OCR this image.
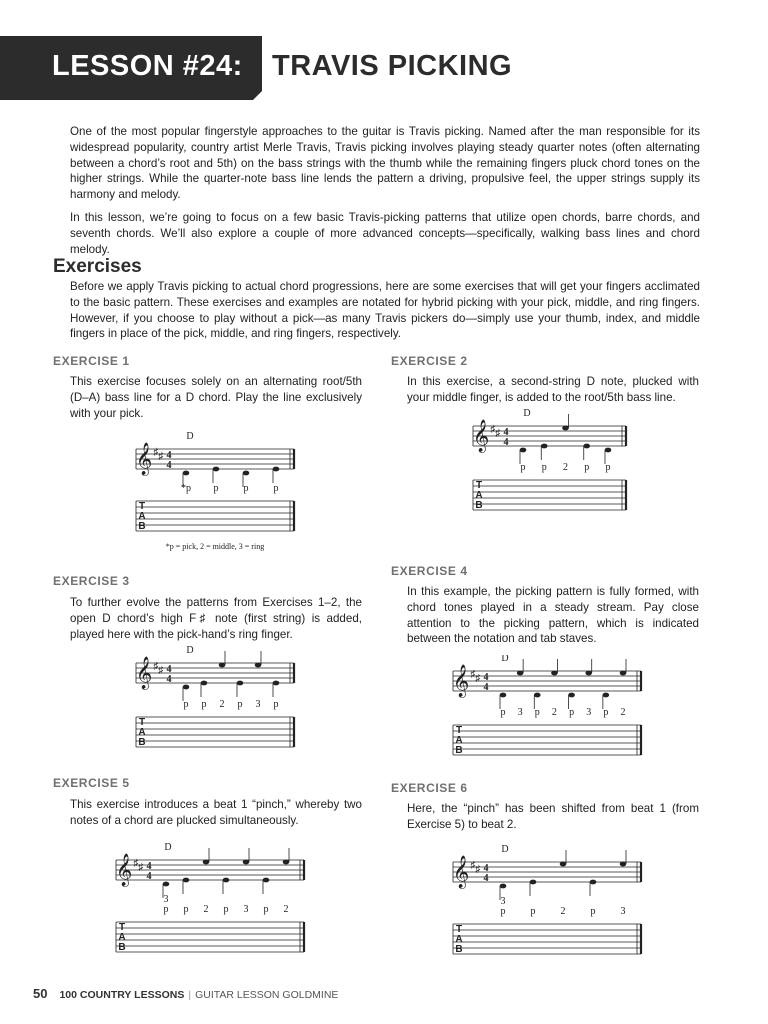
LESSON #24: TRAVIS PICKING
One of the most popular fingerstyle approaches to the guitar is Travis picking. Named after the man responsible for its widespread popularity, country artist Merle Travis, Travis picking involves playing steady quarter notes (often alternating between a chord’s root and 5th) on the bass strings with the thumb while the remaining fingers pluck chord tones on the higher strings. While the quarter-note bass line lends the pattern a driving, propulsive feel, the upper strings supply its harmony and melody.
In this lesson, we’re going to focus on a few basic Travis-picking patterns that utilize open chords, barre chords, and seventh chords. We’ll also explore a couple of more advanced concepts—specifically, walking bass lines and chord melody.
Exercises
Before we apply Travis picking to actual chord progressions, here are some exercises that will get your fingers acclimated to the basic pattern. These exercises and examples are notated for hybrid picking with your pick, middle, and ring fingers. However, if you choose to play without a pick—as many Travis pickers do—simply use your thumb, index, and middle fingers in place of the pick, middle, and ring fingers, respectively.
EXERCISE 1
This exercise focuses solely on an alternating root/5th (D–A) bass line for a D chord. Play the line exclusively with your pick.
D
𝄞 ♯ ♯ 4
4
*p p	p	p
T
A
B
*p = pick, 2 = middle, 3 = ring
EXERCISE 2
In this exercise, a second-string D note, plucked with your middle finger, is added to the root/5th bass line.
D
𝄞 ♯ ♯ 4
4
p p 2 p p
T
A
B
EXERCISE 3
To further evolve the patterns from Exercises 1–2, the open D chord’s high F♯ note (first string) is added, played here with the pick-hand’s ring finger.
D
𝄞 ♯ ♯ 4
4
p p 2 p 3 p
T
A
B
EXERCISE 4
In this example, the picking pattern is fully formed, with chord tones played in a steady stream. Pay close attention to the picking pattern, which is indicated between the notation and tab staves.
D
𝄞 ♯ ♯ 4
4
p 3 p 2 p 3 p 2
T
A
B
EXERCISE 5
This exercise introduces a beat 1 “pinch,” whereby two notes of a chord are plucked simultaneously.
D
𝄞 ♯ ♯ 4
4
p p 2 p 3 p 2
3
T
A
B
EXERCISE 6
Here, the “pinch” has been shifted from beat 1 (from Exercise 5) to beat 2.
D
𝄞 ♯ ♯ 4
4
p	p	2	p	3
3
T
A
B
50 100 COUNTRY LESSONS | GUITAR LESSON GOLDMINE
